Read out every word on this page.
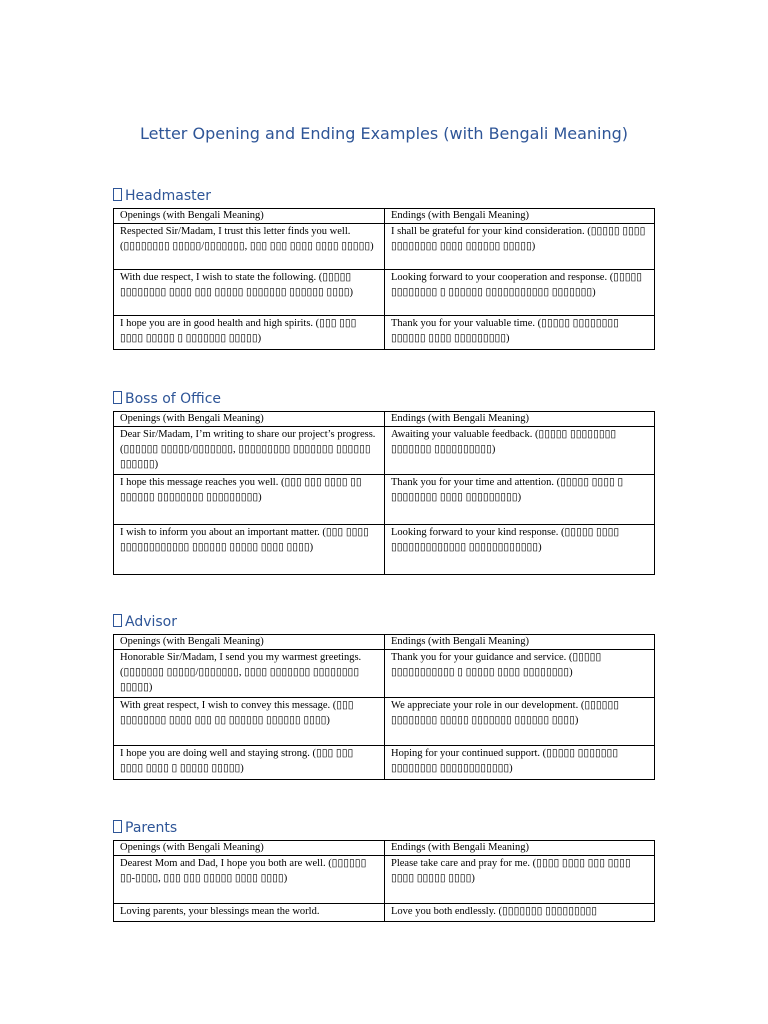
Letter Opening and Ending Examples (with Bengali Meaning)
Headmaster
Openings (with Bengali Meaning)	Endings (with Bengali Meaning)
Respected Sir/Madam, I trust this letter finds you well. (▯▯▯▯▯▯▯▯ ▯▯▯▯▯/▯▯▯▯▯▯▯, ▯▯▯ ▯▯▯ ▯▯▯▯ ▯▯▯▯ ▯▯▯▯▯)	I shall be grateful for your kind consideration. (▯▯▯▯▯ ▯▯▯▯ ▯▯▯▯▯▯▯▯ ▯▯▯▯ ▯▯▯▯▯▯ ▯▯▯▯▯)
With due respect, I wish to state the following. (▯▯▯▯▯ ▯▯▯▯▯▯▯▯ ▯▯▯▯ ▯▯▯ ▯▯▯▯▯ ▯▯▯▯▯▯▯ ▯▯▯▯▯▯ ▯▯▯▯)	Looking forward to your cooperation and response. (▯▯▯▯▯ ▯▯▯▯▯▯▯▯ ▯ ▯▯▯▯▯▯ ▯▯▯▯▯▯▯▯▯▯▯ ▯▯▯▯▯▯▯)
I hope you are in good health and high spirits. (▯▯▯ ▯▯▯ ▯▯▯▯ ▯▯▯▯▯ ▯ ▯▯▯▯▯▯▯ ▯▯▯▯▯)	Thank you for your valuable time. (▯▯▯▯▯ ▯▯▯▯▯▯▯▯ ▯▯▯▯▯▯ ▯▯▯▯ ▯▯▯▯▯▯▯▯▯)
Boss of Office
Openings (with Bengali Meaning)	Endings (with Bengali Meaning)
Dear Sir/Madam, I’m writing to share our project’s progress. (▯▯▯▯▯▯ ▯▯▯▯▯/▯▯▯▯▯▯▯, ▯▯▯▯▯▯▯▯▯ ▯▯▯▯▯▯▯ ▯▯▯▯▯▯ ▯▯▯▯▯▯)	Awaiting your valuable feedback. (▯▯▯▯▯ ▯▯▯▯▯▯▯▯ ▯▯▯▯▯▯▯ ▯▯▯▯▯▯▯▯▯▯)
I hope this message reaches you well. (▯▯▯ ▯▯▯ ▯▯▯▯ ▯▯ ▯▯▯▯▯▯ ▯▯▯▯▯▯▯▯ ▯▯▯▯▯▯▯▯▯)	Thank you for your time and attention. (▯▯▯▯▯ ▯▯▯▯ ▯ ▯▯▯▯▯▯▯▯ ▯▯▯▯ ▯▯▯▯▯▯▯▯▯)
I wish to inform you about an important matter. (▯▯▯ ▯▯▯▯ ▯▯▯▯▯▯▯▯▯▯▯▯ ▯▯▯▯▯▯ ▯▯▯▯▯ ▯▯▯▯ ▯▯▯▯)	Looking forward to your kind response. (▯▯▯▯▯ ▯▯▯▯ ▯▯▯▯▯▯▯▯▯▯▯▯▯ ▯▯▯▯▯▯▯▯▯▯▯▯)
Advisor
Openings (with Bengali Meaning)	Endings (with Bengali Meaning)
Honorable Sir/Madam, I send you my warmest greetings. (▯▯▯▯▯▯▯ ▯▯▯▯▯/▯▯▯▯▯▯▯, ▯▯▯▯ ▯▯▯▯▯▯▯ ▯▯▯▯▯▯▯▯ ▯▯▯▯▯)	Thank you for your guidance and service. (▯▯▯▯▯ ▯▯▯▯▯▯▯▯▯▯▯ ▯ ▯▯▯▯▯ ▯▯▯▯ ▯▯▯▯▯▯▯▯)
With great respect, I wish to convey this message. (▯▯▯ ▯▯▯▯▯▯▯▯ ▯▯▯▯ ▯▯▯ ▯▯ ▯▯▯▯▯▯ ▯▯▯▯▯▯ ▯▯▯▯)	We appreciate your role in our development. (▯▯▯▯▯▯ ▯▯▯▯▯▯▯▯ ▯▯▯▯▯ ▯▯▯▯▯▯▯ ▯▯▯▯▯▯ ▯▯▯▯)
I hope you are doing well and staying strong. (▯▯▯ ▯▯▯ ▯▯▯▯ ▯▯▯▯ ▯ ▯▯▯▯▯ ▯▯▯▯▯)	Hoping for your continued support. (▯▯▯▯▯ ▯▯▯▯▯▯▯ ▯▯▯▯▯▯▯▯ ▯▯▯▯▯▯▯▯▯▯▯▯)
Parents
Openings (with Bengali Meaning)	Endings (with Bengali Meaning)
Dearest Mom and Dad, I hope you both are well. (▯▯▯▯▯▯ ▯▯-▯▯▯▯, ▯▯▯ ▯▯▯ ▯▯▯▯▯ ▯▯▯▯ ▯▯▯▯)	Please take care and pray for me. (▯▯▯▯ ▯▯▯▯ ▯▯▯ ▯▯▯▯ ▯▯▯▯ ▯▯▯▯▯ ▯▯▯▯)
Loving parents, your blessings mean the world.	Love you both endlessly. (▯▯▯▯▯▯▯ ▯▯▯▯▯▯▯▯▯
